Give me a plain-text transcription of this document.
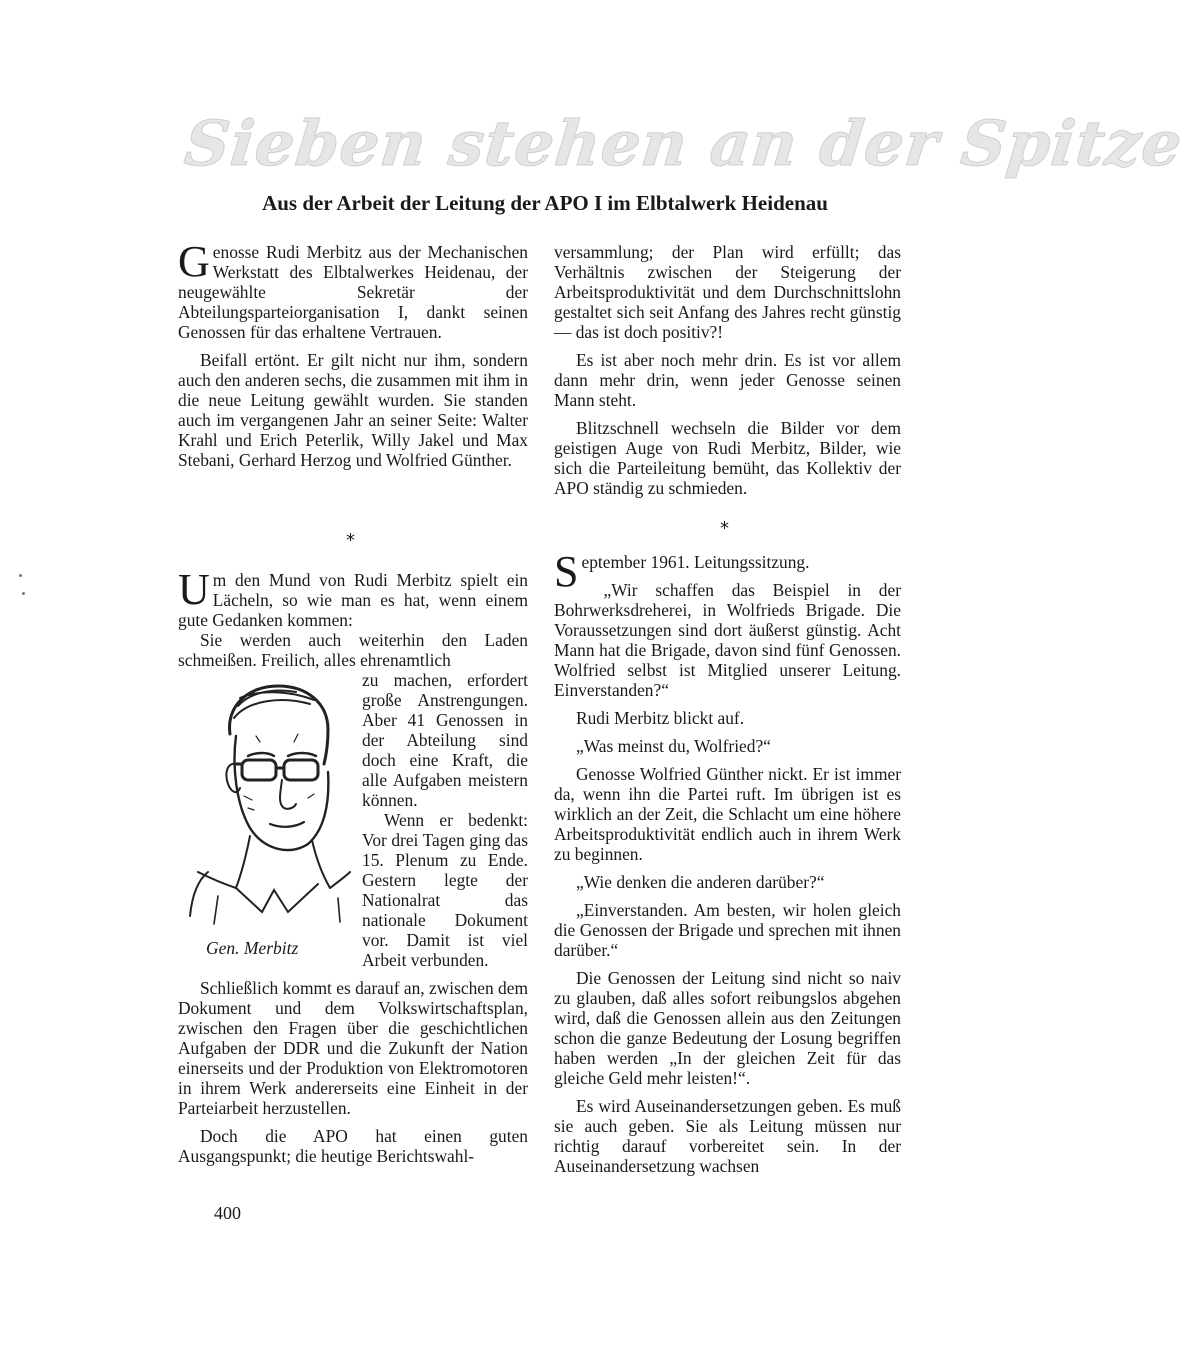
Sieben stehen an der Spitze
Aus der Arbeit der Leitung der APO I im Elbtalwerk Heidenau

Genosse Rudi Merbitz aus der Mechanischen Werkstatt des Elbtalwerkes Heidenau, der neugewählte Sekretär der Abteilungsparteiorganisation I, dankt seinen Genossen für das erhaltene Vertrauen.

Beifall ertönt. Er gilt nicht nur ihm, sondern auch den anderen sechs, die zusammen mit ihm in die neue Leitung gewählt wurden. Sie standen auch im vergangenen Jahr an seiner Seite: Walter Krahl und Erich Peterlik, Willy Jakel und Max Stebani, Gerhard Herzog und Wolfried Günther.

*

Um den Mund von Rudi Merbitz spielt ein Lächeln, so wie man es hat, wenn einem gute Gedanken kommen:

Sie werden auch weiterhin den Laden schmeißen. Freilich, alles ehrenamtlich

Gen. Merbitz

zu machen, erfordert große Anstrengungen. Aber 41 Genossen in der Abteilung sind doch eine Kraft, die alle Aufgaben meistern können.

Wenn er bedenkt: Vor drei Tagen ging das 15. Plenum zu Ende. Gestern legte der Nationalrat das nationale Dokument vor. Damit ist viel Arbeit verbunden.

Schließlich kommt es darauf an, zwischen dem Dokument und dem Volkswirtschaftsplan, zwischen den Fragen über die geschichtlichen Aufgaben der DDR und die Zukunft der Nation einerseits und der Produktion von Elektromotoren in ihrem Werk andererseits eine Einheit in der Parteiarbeit herzustellen.

Doch die APO hat einen guten Ausgangspunkt; die heutige Berichtswahl-

versammlung; der Plan wird erfüllt; das Verhältnis zwischen der Steigerung der Arbeitsproduktivität und dem Durchschnittslohn gestaltet sich seit Anfang des Jahres recht günstig — das ist doch positiv?!

Es ist aber noch mehr drin. Es ist vor allem dann mehr drin, wenn jeder Genosse seinen Mann steht.

Blitzschnell wechseln die Bilder vor dem geistigen Auge von Rudi Merbitz, Bilder, wie sich die Parteileitung bemüht, das Kollektiv der APO ständig zu schmieden.

*

September 1961. Leitungssitzung.

„Wir schaffen das Beispiel in der Bohrwerksdreherei, in Wolfrieds Brigade. Die Voraussetzungen sind dort äußerst günstig. Acht Mann hat die Brigade, davon sind fünf Genossen. Wolfried selbst ist Mitglied unserer Leitung. Einverstanden?“

Rudi Merbitz blickt auf.

„Was meinst du, Wolfried?“

Genosse Wolfried Günther nickt. Er ist immer da, wenn ihn die Partei ruft. Im übrigen ist es wirklich an der Zeit, die Schlacht um eine höhere Arbeitsproduktivität endlich auch in ihrem Werk zu beginnen.

„Wie denken die anderen darüber?“

„Einverstanden. Am besten, wir holen gleich die Genossen der Brigade und sprechen mit ihnen darüber.“

Die Genossen der Leitung sind nicht so naiv zu glauben, daß alles sofort reibungslos abgehen wird, daß die Genossen allein aus den Zeitungen schon die ganze Bedeutung der Losung begriffen haben werden „In der gleichen Zeit für das gleiche Geld mehr leisten!“.

Es wird Auseinandersetzungen geben. Es muß sie auch geben. Sie als Leitung müssen nur richtig darauf vorbereitet sein. In der Auseinandersetzung wachsen

400
